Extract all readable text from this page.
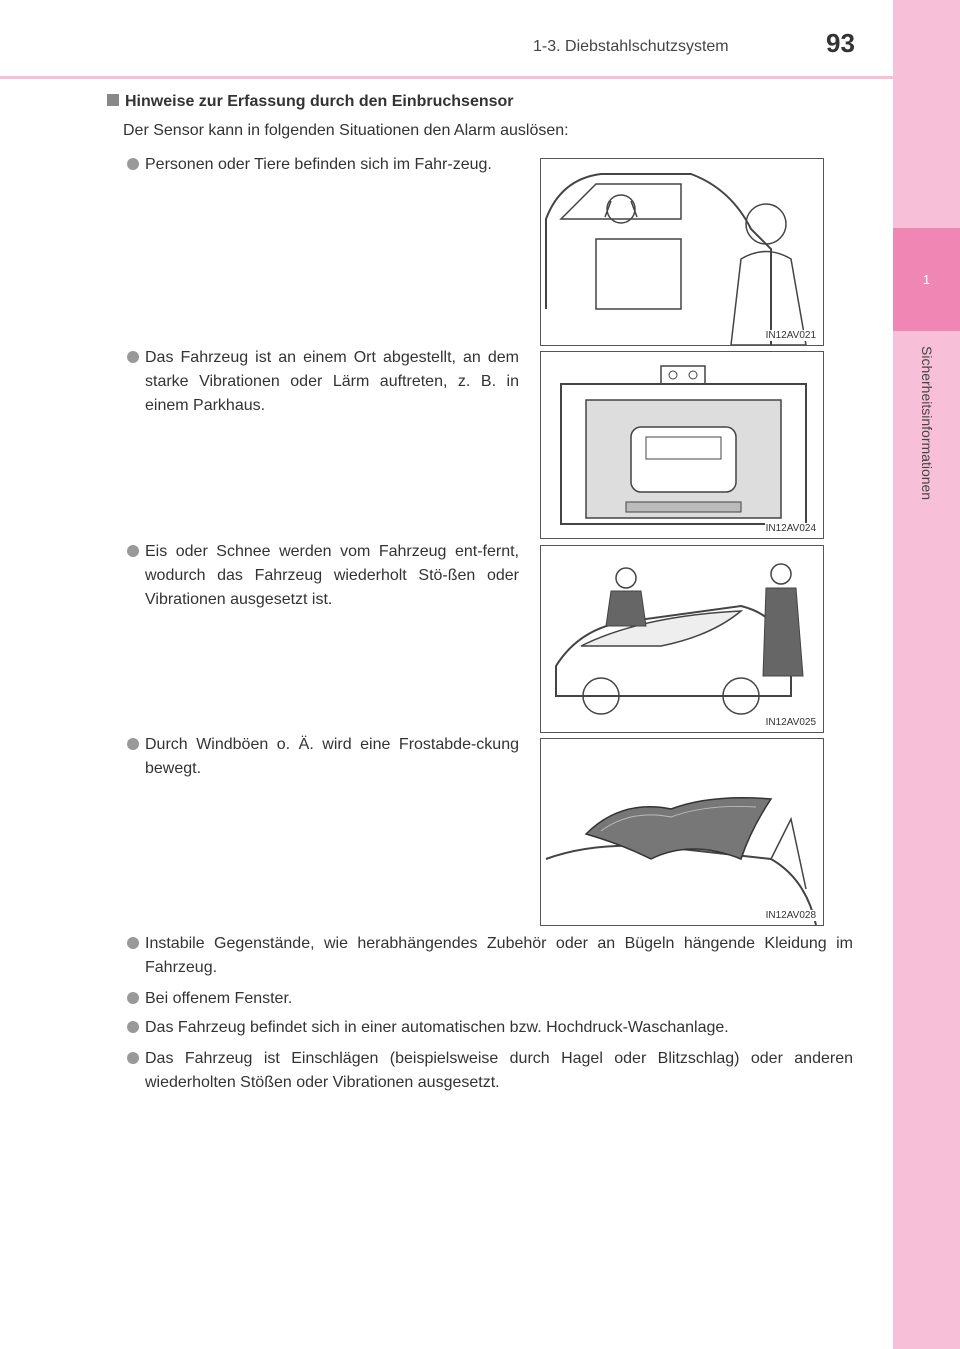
1
Sicherheitsinformationen
1-3. Diebstahlschutzsystem	93
Hinweise zur Erfassung durch den Einbruchsensor
Der Sensor kann in folgenden Situationen den Alarm auslösen:
Personen oder Tiere befinden sich im Fahr-zeug.
IN12AV021
Das Fahrzeug ist an einem Ort abgestellt, an dem starke Vibrationen oder Lärm auftreten, z. B. in einem Parkhaus.
IN12AV024
Eis oder Schnee werden vom Fahrzeug ent-fernt, wodurch das Fahrzeug wiederholt Stö-ßen oder Vibrationen ausgesetzt ist.
IN12AV025
Durch Windböen o. Ä. wird eine Frostabde-ckung bewegt.
IN12AV028
Instabile Gegenstände, wie herabhängendes Zubehör oder an Bügeln hängende Kleidung im Fahrzeug.
Bei offenem Fenster.
Das Fahrzeug befindet sich in einer automatischen bzw. Hochdruck-Waschanlage.
Das Fahrzeug ist Einschlägen (beispielsweise durch Hagel oder Blitzschlag) oder anderen wiederholten Stößen oder Vibrationen ausgesetzt.
